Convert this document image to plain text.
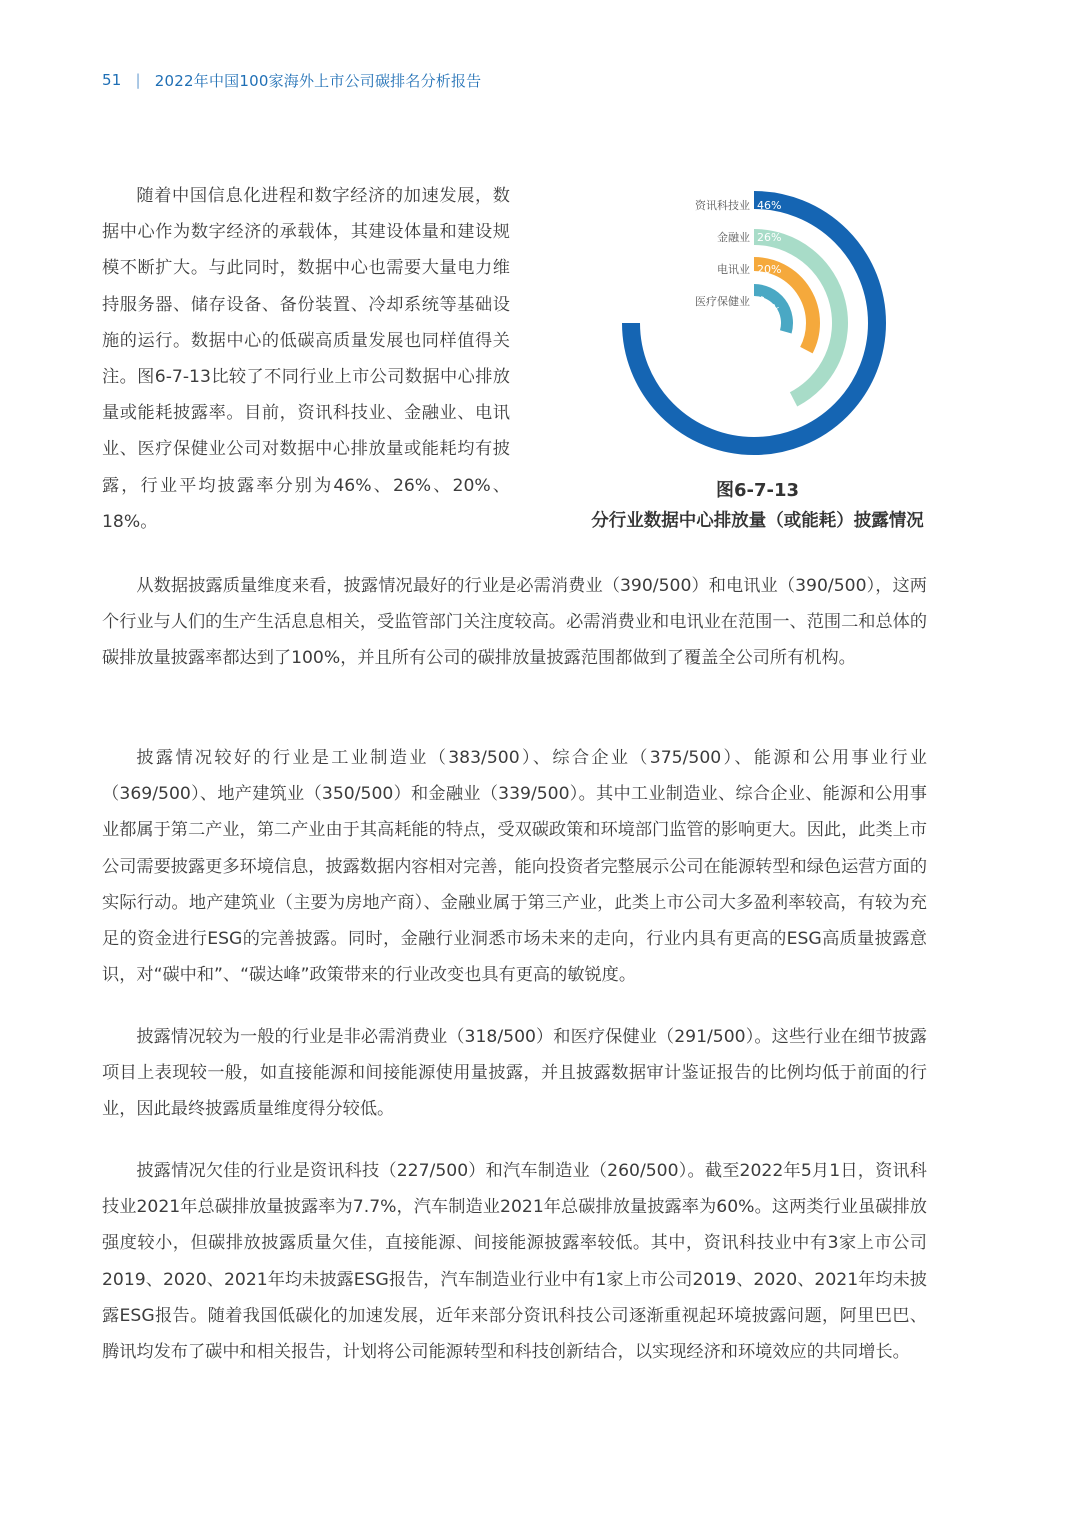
51 | 2022年中国100家海外上市公司碳排名分析报告

随着中国信息化进程和数字经济的加速发展，数据中心作为数字经济的承载体，其建设体量和建设规模不断扩大。与此同时，数据中心也需要大量电力维持服务器、储存设备、备份装置、冷却系统等基础设施的运行。数据中心的低碳高质量发展也同样值得关注。图6-7-13比较了不同行业上市公司数据中心排放量或能耗披露率。目前，资讯科技业、金融业、电讯业、医疗保健业公司对数据中心排放量或能耗均有披露，行业平均披露率分别为46%、26%、20%、18%。

46%
资讯科技业
26%
金融业
20%
电讯业
18%
医疗保健业
图6-7-13
分行业数据中心排放量（或能耗）披露情况

从数据披露质量维度来看，披露情况最好的行业是必需消费业（390/500）和电讯业（390/500），这两个行业与人们的生产生活息息相关，受监管部门关注度较高。必需消费业和电讯业在范围一、范围二和总体的碳排放量披露率都达到了100%，并且所有公司的碳排放量披露范围都做到了覆盖全公司所有机构。

披露情况较好的行业是工业制造业（383/500）、综合企业（375/500）、能源和公用事业行业（369/500）、地产建筑业（350/500）和金融业（339/500）。其中工业制造业、综合企业、能源和公用事业都属于第二产业，第二产业由于其高耗能的特点，受双碳政策和环境部门监管的影响更大。因此，此类上市公司需要披露更多环境信息，披露数据内容相对完善，能向投资者完整展示公司在能源转型和绿色运营方面的实际行动。地产建筑业（主要为房地产商）、金融业属于第三产业，此类上市公司大多盈利率较高，有较为充足的资金进行ESG的完善披露。同时，金融行业洞悉市场未来的走向，行业内具有更高的ESG高质量披露意识，对“碳中和”、“碳达峰”政策带来的行业改变也具有更高的敏锐度。

披露情况较为一般的行业是非必需消费业（318/500）和医疗保健业（291/500）。这些行业在细节披露项目上表现较一般，如直接能源和间接能源使用量披露，并且披露数据审计鉴证报告的比例均低于前面的行业，因此最终披露质量维度得分较低。

披露情况欠佳的行业是资讯科技（227/500）和汽车制造业（260/500）。截至2022年5月1日，资讯科技业2021年总碳排放量披露率为7.7%，汽车制造业2021年总碳排放量披露率为60%。这两类行业虽碳排放强度较小，但碳排放披露质量欠佳，直接能源、间接能源披露率较低。其中，资讯科技业中有3家上市公司2019、2020、2021年均未披露ESG报告，汽车制造业行业中有1家上市公司2019、2020、2021年均未披露ESG报告。随着我国低碳化的加速发展，近年来部分资讯科技公司逐渐重视起环境披露问题，阿里巴巴、腾讯均发布了碳中和相关报告，计划将公司能源转型和科技创新结合，以实现经济和环境效应的共同增长。
